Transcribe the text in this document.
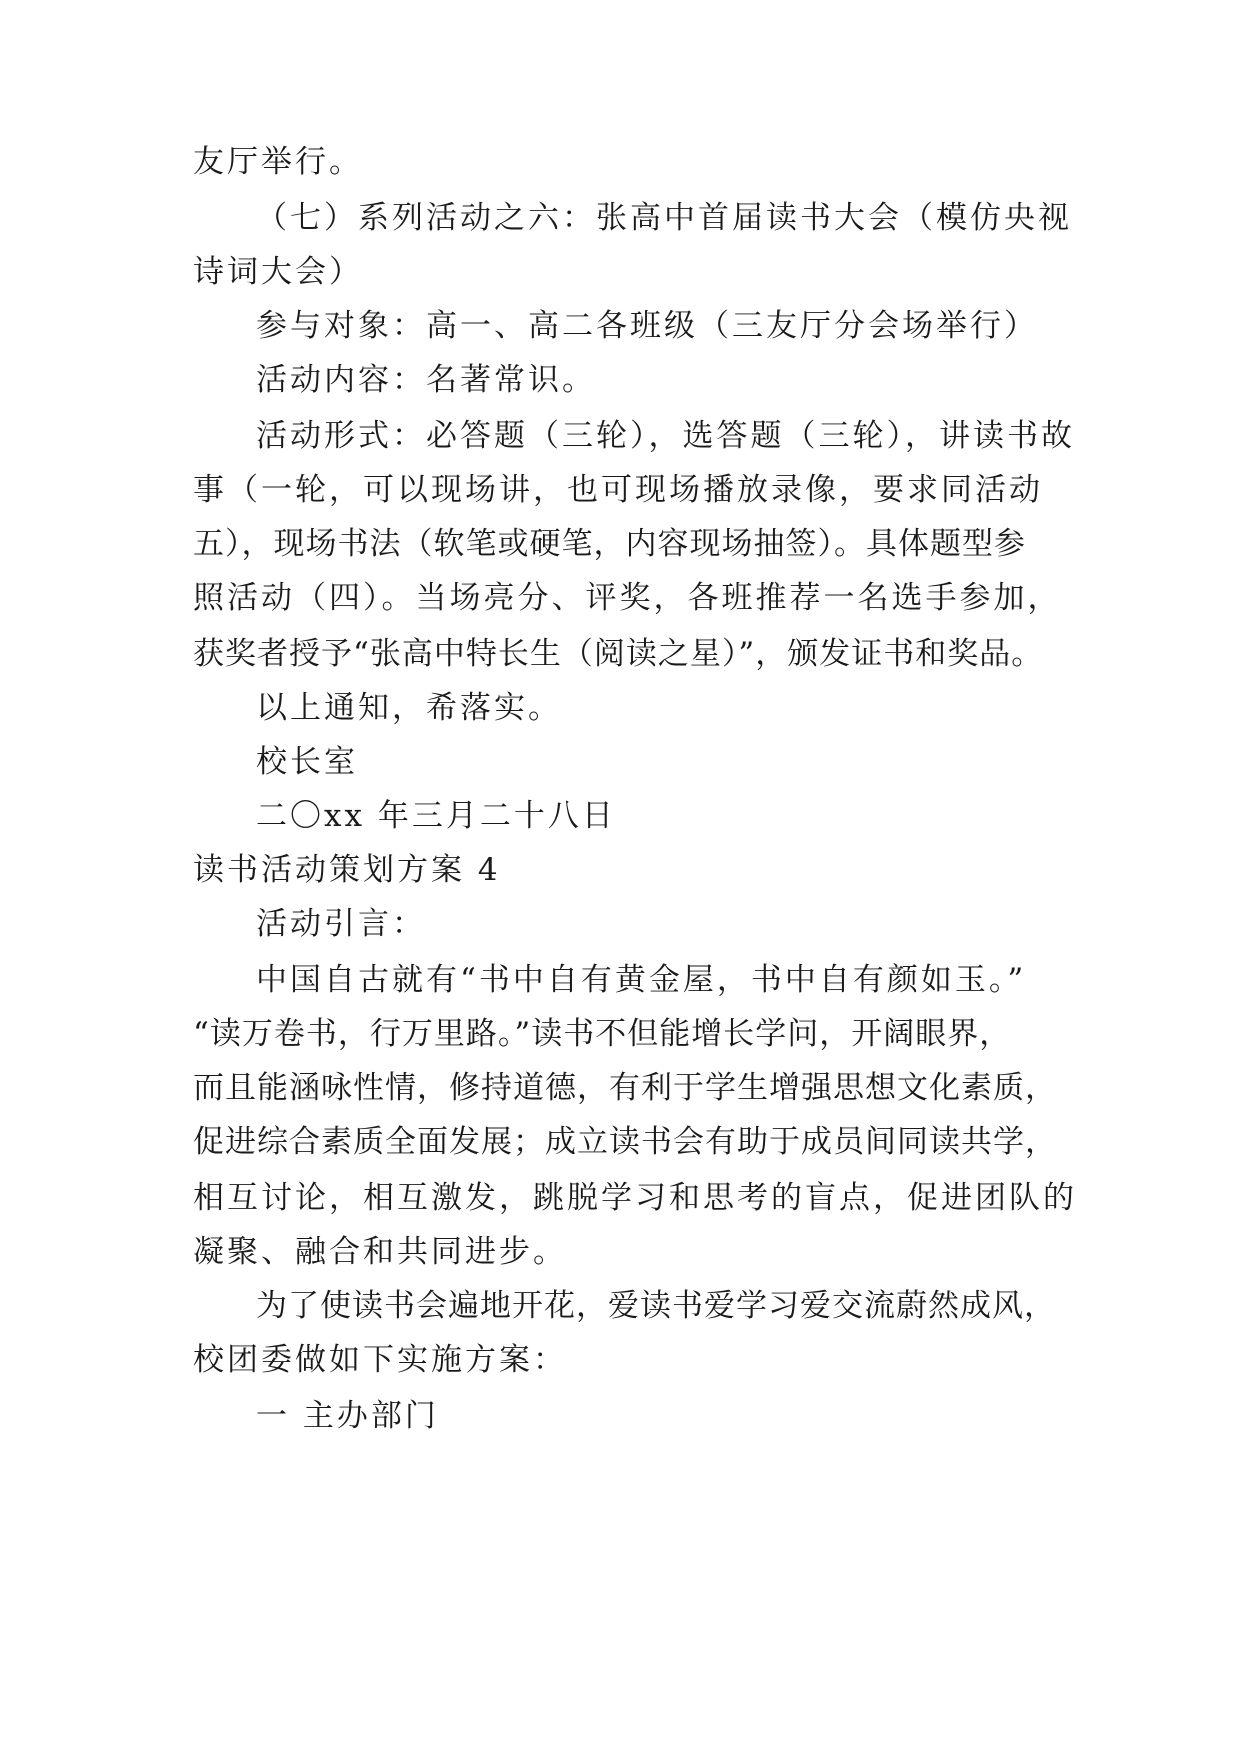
友厅举行。
（七）系列活动之六：张高中首届读书大会（模仿央视
诗词大会）
参与对象：高一、高二各班级（三友厅分会场举行）
活动内容：名著常识。
活动形式：必答题（三轮），选答题（三轮），讲读书故
事（一轮，可以现场讲，也可现场播放录像，要求同活动
五），现场书法（软笔或硬笔，内容现场抽签）。具体题型参
照活动（四）。当场亮分、评奖，各班推荐一名选手参加，
获奖者授予“张高中特长生（阅读之星）”，颁发证书和奖品。
以上通知，希落实。
校长室
二〇xx 年三月二十八日
读书活动策划方案 4
活动引言：
中国自古就有“书中自有黄金屋，书中自有颜如玉。”
“读万卷书，行万里路。”读书不但能增长学问，开阔眼界，
而且能涵咏性情，修持道德，有利于学生增强思想文化素质，
促进综合素质全面发展；成立读书会有助于成员间同读共学，
相互讨论，相互激发，跳脱学习和思考的盲点，促进团队的
凝聚、融合和共同进步。
为了使读书会遍地开花，爱读书爱学习爱交流蔚然成风，
校团委做如下实施方案：
一 主办部门
